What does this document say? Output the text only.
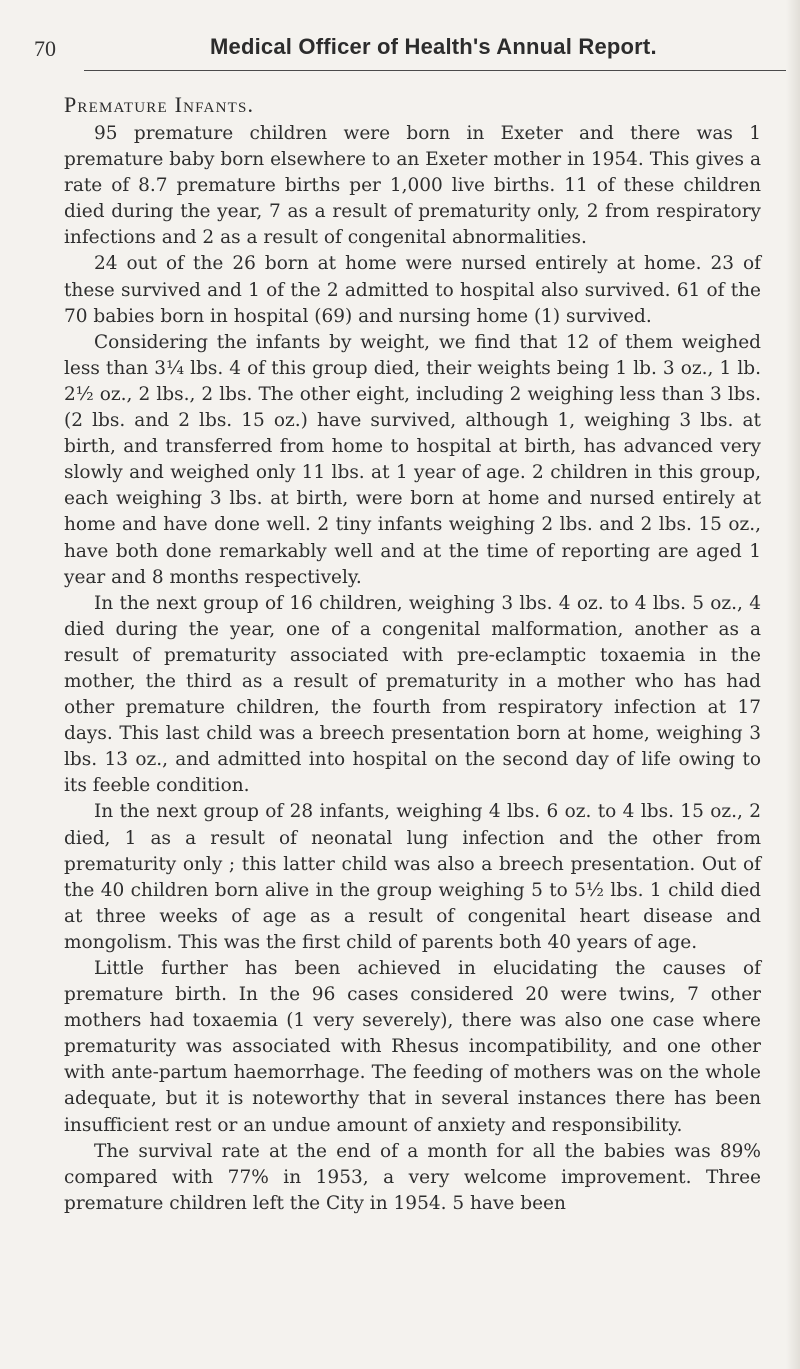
70	Medical Officer of Health's Annual Report.
Premature Infants.

95 premature children were born in Exeter and there was 1 premature baby born elsewhere to an Exeter mother in 1954. This gives a rate of 8.7 premature births per 1,000 live births. 11 of these children died during the year, 7 as a result of prematurity only, 2 from respiratory infections and 2 as a result of congenital abnormalities.

24 out of the 26 born at home were nursed entirely at home. 23 of these survived and 1 of the 2 admitted to hospital also survived. 61 of the 70 babies born in hospital (69) and nursing home (1) survived.

Considering the infants by weight, we find that 12 of them weighed less than 3¼ lbs. 4 of this group died, their weights being 1 lb. 3 oz., 1 lb. 2½ oz., 2 lbs., 2 lbs. The other eight, including 2 weighing less than 3 lbs. (2 lbs. and 2 lbs. 15 oz.) have survived, although 1, weighing 3 lbs. at birth, and transferred from home to hospital at birth, has advanced very slowly and weighed only 11 lbs. at 1 year of age. 2 children in this group, each weighing 3 lbs. at birth, were born at home and nursed entirely at home and have done well. 2 tiny infants weighing 2 lbs. and 2 lbs. 15 oz., have both done remarkably well and at the time of reporting are aged 1 year and 8 months respectively.

In the next group of 16 children, weighing 3 lbs. 4 oz. to 4 lbs. 5 oz., 4 died during the year, one of a congenital malformation, another as a result of prematurity associated with pre-eclamptic toxaemia in the mother, the third as a result of prematurity in a mother who has had other premature children, the fourth from respiratory infection at 17 days. This last child was a breech presentation born at home, weighing 3 lbs. 13 oz., and admitted into hospital on the second day of life owing to its feeble condition.

In the next group of 28 infants, weighing 4 lbs. 6 oz. to 4 lbs. 15 oz., 2 died, 1 as a result of neonatal lung infection and the other from prematurity only ; this latter child was also a breech presentation. Out of the 40 children born alive in the group weighing 5 to 5½ lbs. 1 child died at three weeks of age as a result of congenital heart disease and mongolism. This was the first child of parents both 40 years of age.

Little further has been achieved in elucidating the causes of premature birth. In the 96 cases considered 20 were twins, 7 other mothers had toxaemia (1 very severely), there was also one case where prematurity was associated with Rhesus incompatibility, and one other with ante-partum haemorrhage. The feeding of mothers was on the whole adequate, but it is noteworthy that in several instances there has been insufficient rest or an undue amount of anxiety and responsibility.

The survival rate at the end of a month for all the babies was 89% compared with 77% in 1953, a very welcome improvement. Three premature children left the City in 1954. 5 have been
